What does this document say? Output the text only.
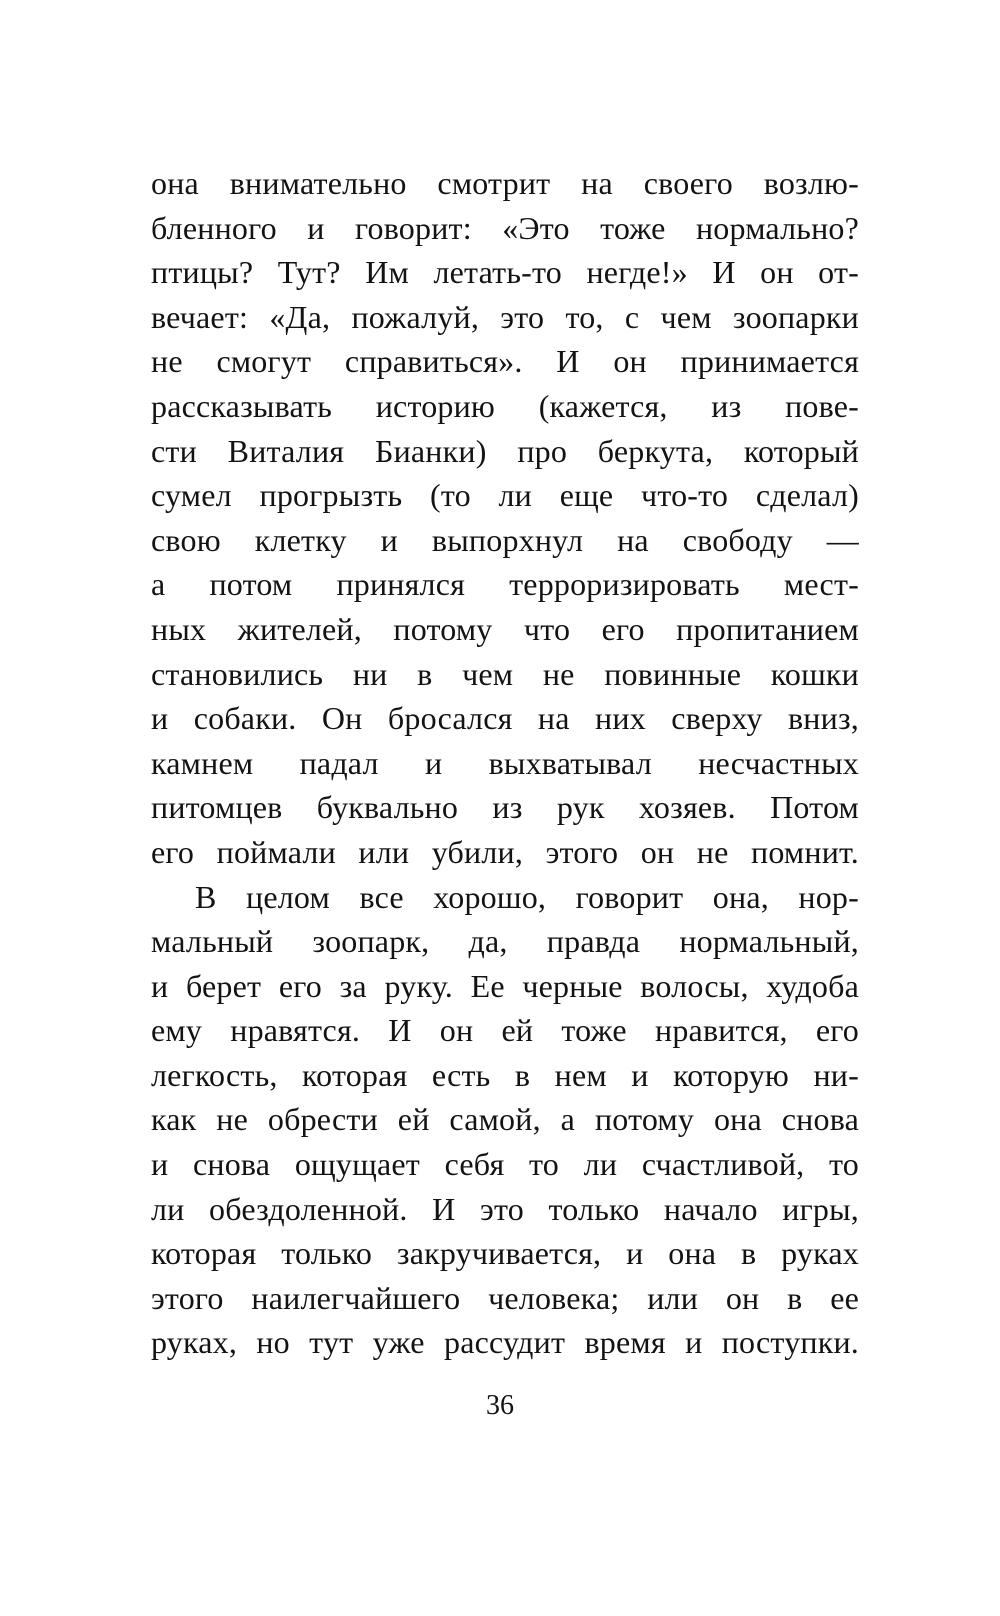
она внимательно смотрит на своего возлю-
бленного и говорит: «Это тоже нормально?
птицы? Тут? Им летать-то негде!» И он от-
вечает: «Да, пожалуй, это то, с чем зоопарки
не смогут справиться». И он принимается
рассказывать историю (кажется, из пове-
сти Виталия Бианки) про беркута, который
сумел прогрызть (то ли еще что-то сделал)
свою клетку и выпорхнул на свободу —
а потом принялся терроризировать мест-
ных жителей, потому что его пропитанием
становились ни в чем не повинные кошки
и собаки. Он бросался на них сверху вниз,
камнем падал и выхватывал несчастных
питомцев буквально из рук хозяев. Потом
его поймали или убили, этого он не помнит.
В целом все хорошо, говорит она, нор-
мальный зоопарк, да, правда нормальный,
и берет его за руку. Ее черные волосы, худоба
ему нравятся. И он ей тоже нравится, его
легкость, которая есть в нем и которую ни-
как не обрести ей самой, а потому она снова
и снова ощущает себя то ли счастливой, то
ли обездоленной. И это только начало игры,
которая только закручивается, и она в руках
этого наилегчайшего человека; или он в ее
руках, но тут уже рассудит время и поступки.
36
